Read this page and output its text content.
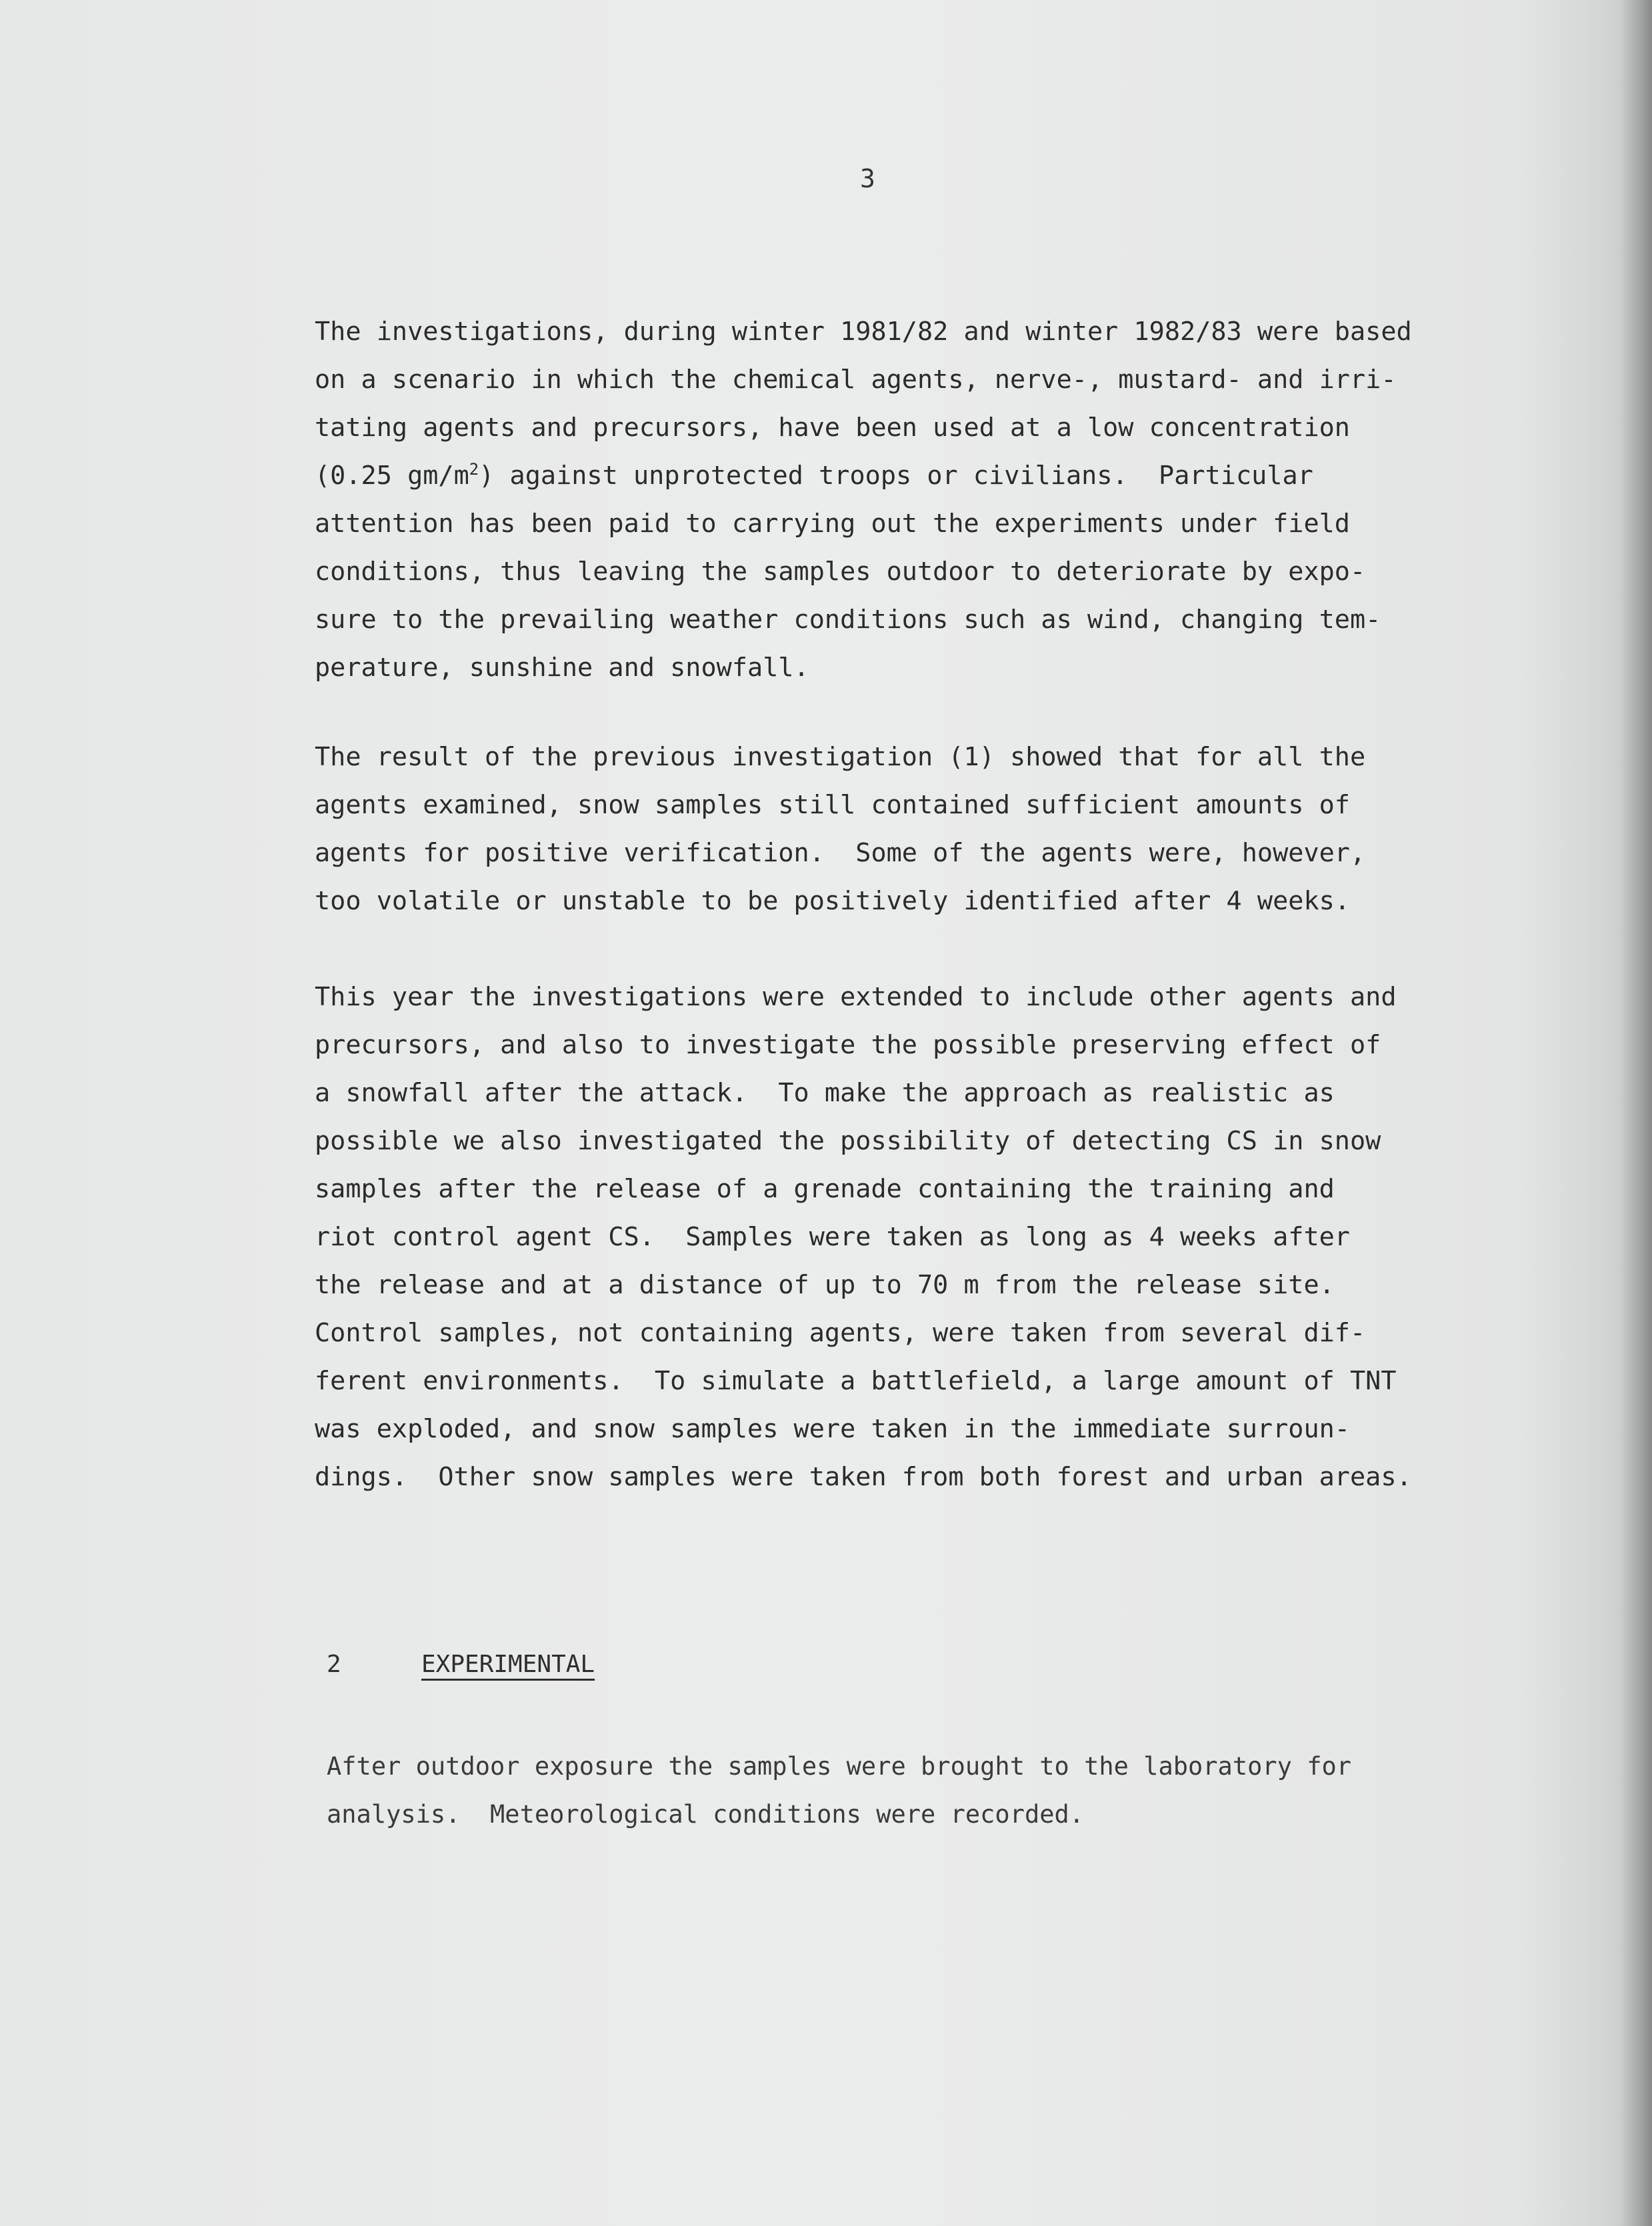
3

The investigations, during winter 1981/82 and winter 1982/83 were based
on a scenario in which the chemical agents, nerve-, mustard- and irri-
tating agents and precursors, have been used at a low concentration
(0.25 $gm/m^2$) against unprotected troops or civilians.  Particular
attention has been paid to carrying out the experiments under field
conditions, thus leaving the samples outdoor to deteriorate by expo-
sure to the prevailing weather conditions such as wind, changing tem-
perature, sunshine and snowfall.

The result of the previous investigation (1) showed that for all the
agents examined, snow samples still contained sufficient amounts of
agents for positive verification.  Some of the agents were, however,
too volatile or unstable to be positively identified after 4 weeks.

This year the investigations were extended to include other agents and
precursors, and also to investigate the possible preserving effect of
a snowfall after the attack.  To make the approach as realistic as
possible we also investigated the possibility of detecting CS in snow
samples after the release of a grenade containing the training and
riot control agent CS.  Samples were taken as long as 4 weeks after
the release and at a distance of up to 70 m from the release site.
Control samples, not containing agents, were taken from several dif-
ferent environments.  To simulate a battlefield, a large amount of TNT
was exploded, and snow samples were taken in the immediate surroun-
dings.  Other snow samples were taken from both forest and urban areas.

2	EXPERIMENTAL

After outdoor exposure the samples were brought to the laboratory for
analysis.  Meteorological conditions were recorded.
